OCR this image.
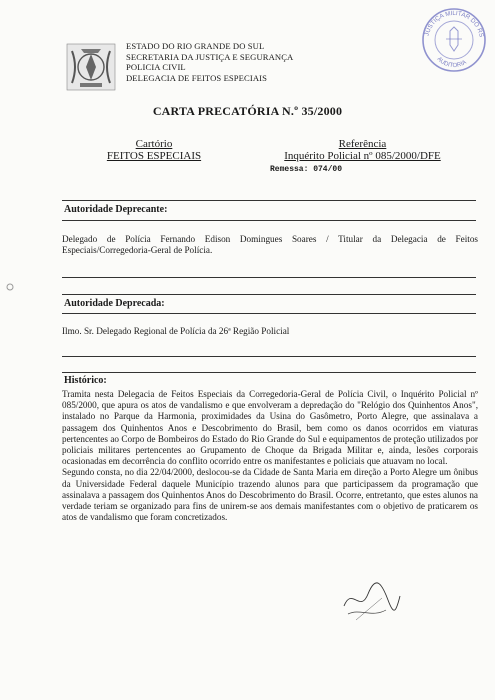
ESTADO DO RIO GRANDE DO SUL
SECRETARIA DA JUSTIÇA E SEGURANÇA
POLICIA CIVIL
DELEGACIA DE FEITOS ESPECIAIS
JUSTIÇA MILITAR DO RS
AUDITORIA
CARTA PRECATÓRIA N.º 35/2000
Cartório
FEITOS ESPECIAIS
Referência
Inquérito Policial nº 085/2000/DFE
Remessa: 074/00
Autoridade Deprecante:
Delegado de Polícia Fernando Edison Domingues Soares / Titular da Delegacia de Feitos Especiais/Corregedoria-Geral de Polícia.
Autoridade Deprecada:
Ilmo. Sr. Delegado Regional de Polícia da 26ª Região Policial
Histórico:

Tramita nesta Delegacia de Feitos Especiais da Corregedoria-Geral de Polícia Civil, o Inquérito Policial nº 085/2000, que apura os atos de vandalismo e que envolveram a depredação do "Relógio dos Quinhentos Anos", instalado no Parque da Harmonia, proximidades da Usina do Gasômetro, Porto Alegre, que assinalava a passagem dos Quinhentos Anos e Descobrimento do Brasil, bem como os danos ocorridos em viaturas pertencentes ao Corpo de Bombeiros do Estado do Rio Grande do Sul e equipamentos de proteção utilizados por policiais militares pertencentes ao Grupamento de Choque da Brigada Militar e, ainda, lesões corporais ocasionadas em decorrência do conflito ocorrido entre os manifestantes e policiais que atuavam no local.

Segundo consta, no dia 22/04/2000, deslocou-se da Cidade de Santa Maria em direção a Porto Alegre um ônibus da Universidade Federal daquele Município trazendo alunos para que participassem da programação que assinalava a passagem dos Quinhentos Anos do Descobrimento do Brasil. Ocorre, entretanto, que estes alunos na verdade teriam se organizado para fins de unirem-se aos demais manifestantes com o objetivo de praticarem os atos de vandalismo que foram concretizados.
